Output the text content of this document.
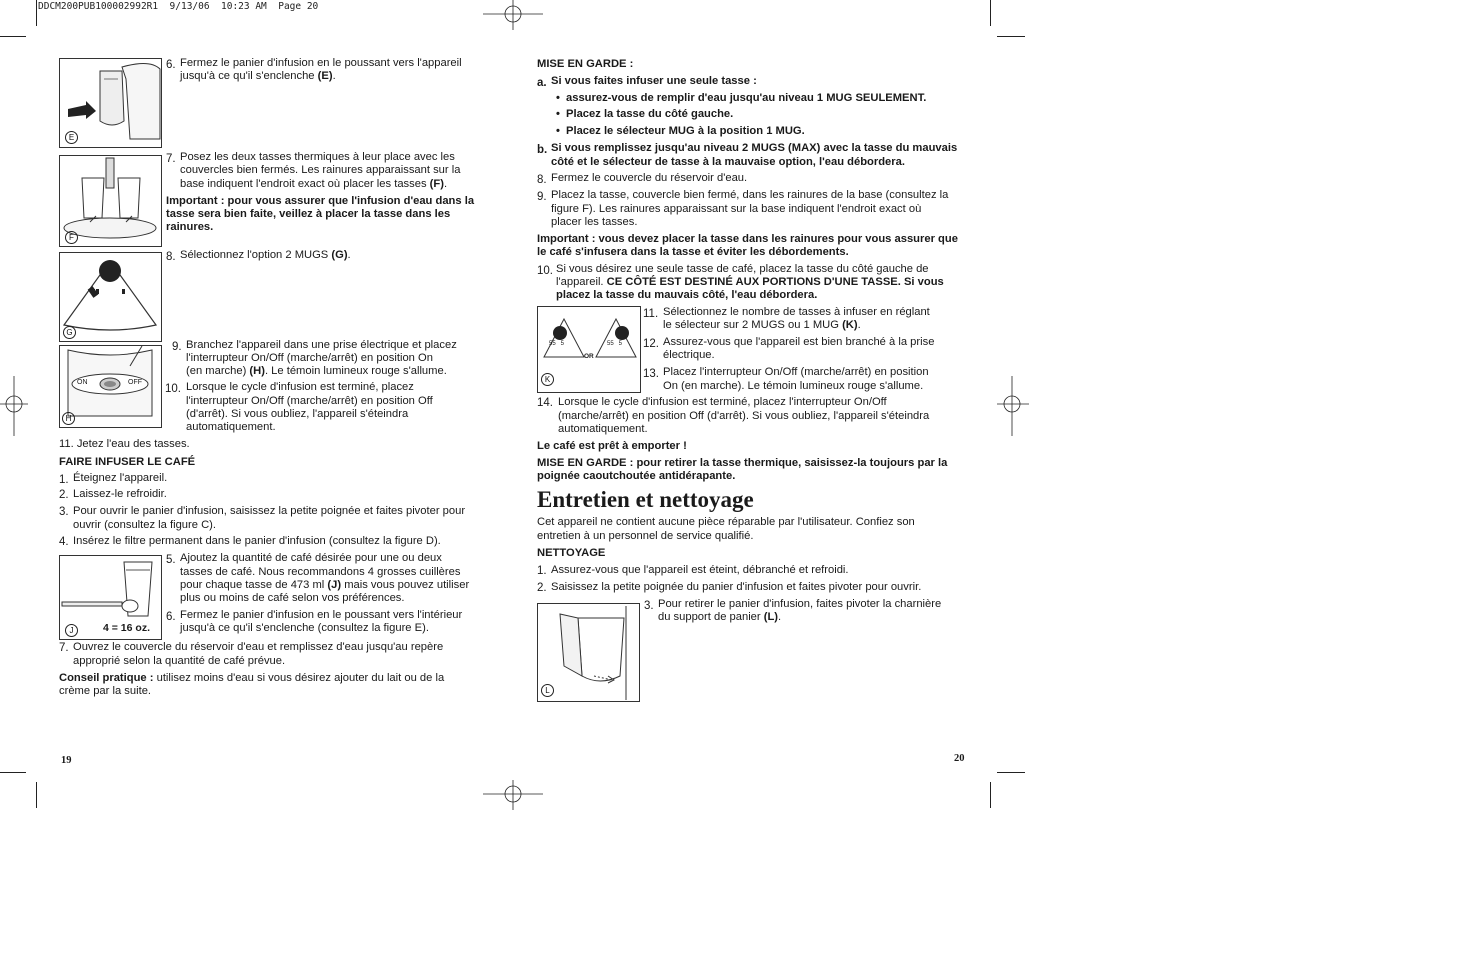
DDCM200PUB100002992R1  9/13/06  10:23 AM  Page 20
E
6. Fermez le panier d'infusion en le poussant vers l'appareil
jusqu'à ce qu'il s'enclenche (E).
F
7. Posez les deux tasses thermiques à leur place avec les
couvercles bien fermés. Les rainures apparaissant sur la
base indiquent l'endroit exact où placer les tasses (F).
Important : pour vous assurer que l'infusion d'eau dans la
tasse sera bien faite, veillez à placer la tasse dans les
rainures.
G
8. Sélectionnez l'option 2 MUGS (G).
ON	OFF
H
9. Branchez l'appareil dans une prise électrique et placez
l'interrupteur On/Off (marche/arrêt) en position On
(en marche) (H). Le témoin lumineux rouge s'allume.
10. Lorsque le cycle d'infusion est terminé, placez
l'interrupteur On/Off (marche/arrêt) en position Off
(d'arrêt). Si vous oubliez, l'appareil s'éteindra
automatiquement.
11. Jetez l'eau des tasses.
FAIRE INFUSER LE CAFÉ
1. Éteignez l'appareil.
2. Laissez-le refroidir.
3. Pour ouvrir le panier d'infusion, saisissez la petite poignée et faites pivoter pour
ouvrir (consultez la figure C).
4. Insérez le filtre permanent dans le panier d'infusion (consultez la figure D).
4 = 16 oz.
J
5. Ajoutez la quantité de café désirée pour une ou deux
tasses de café. Nous recommandons 4 grosses cuillères
pour chaque tasse de 473 ml (J) mais vous pouvez utiliser
plus ou moins de café selon vos préférences.
6. Fermez le panier d'infusion en le poussant vers l'intérieur
jusqu'à ce qu'il s'enclenche (consultez la figure E).
7. Ouvrez le couvercle du réservoir d'eau et remplissez d'eau jusqu'au repère
approprié selon la quantité de café prévue.
Conseil pratique : utilisez moins d'eau si vous désirez ajouter du lait ou de la
crème par la suite.
19
MISE EN GARDE :
a. Si vous faites infuser une seule tasse :
• assurez-vous de remplir d'eau jusqu'au niveau 1 MUG SEULEMENT.
• Placez la tasse du côté gauche.
• Placez le sélecteur MUG à la position 1 MUG.
b. Si vous remplissez jusqu'au niveau 2 MUGS (MAX) avec la tasse du mauvais
côté et le sélecteur de tasse à la mauvaise option, l'eau débordera.
8. Fermez le couvercle du réservoir d'eau.
9. Placez la tasse, couvercle bien fermé, dans les rainures de la base (consultez la
figure F). Les rainures apparaissant sur la base indiquent l'endroit exact où
placer les tasses.
Important : vous devez placer la tasse dans les rainures pour vous assurer que
le café s'infusera dans la tasse et éviter les débordements.
10. Si vous désirez une seule tasse de café, placez la tasse du côté gauche de
l'appareil. CE CÔTÉ EST DESTINÉ AUX PORTIONS D'UNE TASSE. Si vous
placez la tasse du mauvais côté, l'eau débordera.
55   5	55   5
OR
K
11. Sélectionnez le nombre de tasses à infuser en réglant
le sélecteur sur 2 MUGS ou 1 MUG (K).
12. Assurez-vous que l'appareil est bien branché à la prise
électrique.
13. Placez l'interrupteur On/Off (marche/arrêt) en position
On (en marche). Le témoin lumineux rouge s'allume.
14. Lorsque le cycle d'infusion est terminé, placez l'interrupteur On/Off
(marche/arrêt) en position Off (d'arrêt). Si vous oubliez, l'appareil s'éteindra
automatiquement.
Le café est prêt à emporter !
MISE EN GARDE : pour retirer la tasse thermique, saisissez-la toujours par la
poignée caoutchoutée antidérapante.
Entretien et nettoyage
Cet appareil ne contient aucune pièce réparable par l'utilisateur. Confiez son
entretien à un personnel de service qualifié.
NETTOYAGE
1. Assurez-vous que l'appareil est éteint, débranché et refroidi.
2. Saisissez la petite poignée du panier d'infusion et faites pivoter pour ouvrir.
L
3. Pour retirer le panier d'infusion, faites pivoter la charnière
du support de panier (L).
20
